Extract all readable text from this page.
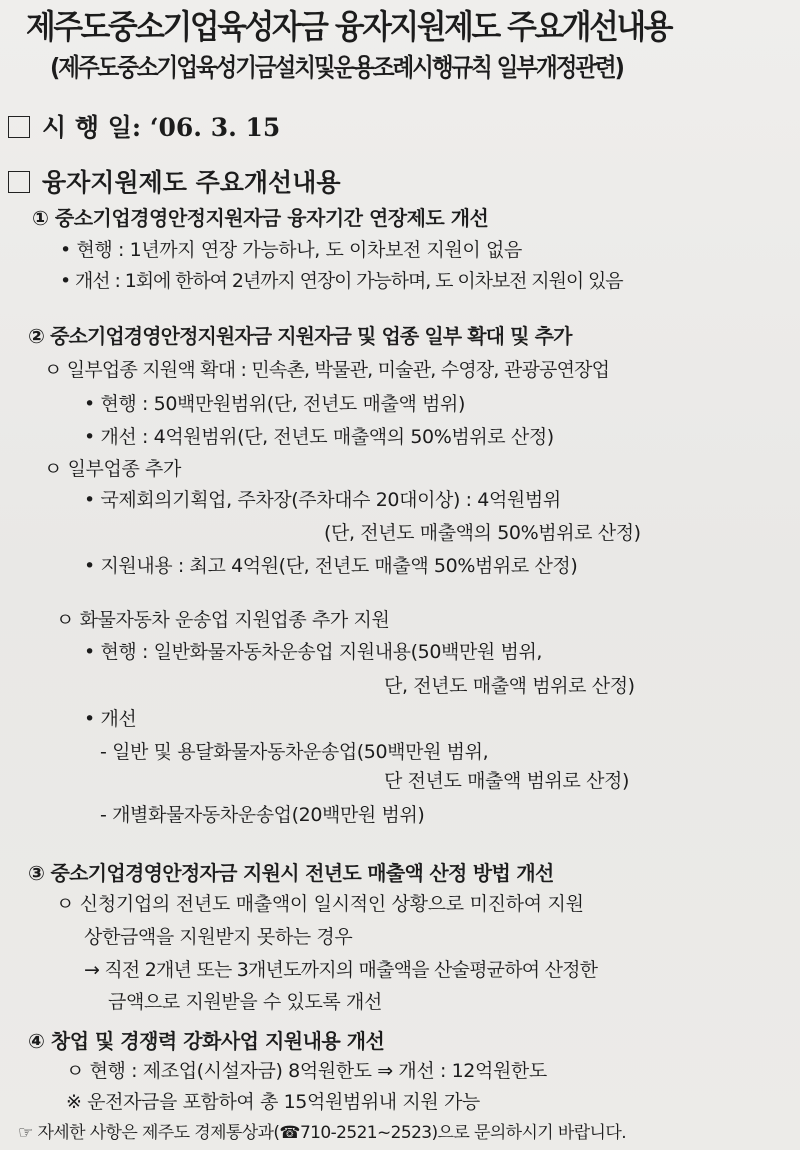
제주도중소기업육성자금 융자지원제도 주요개선내용
(제주도중소기업육성기금설치및운용조례시행규칙 일부개정관련)
시 행 일: ‘06. 3. 15
융자지원제도 주요개선내용
① 중소기업경영안정지원자금 융자기간 연장제도 개선
• 현행 : 1년까지 연장 가능하나, 도 이차보전 지원이 없음
• 개선 : 1회에 한하여 2년까지 연장이 가능하며, 도 이차보전 지원이 있음
② 중소기업경영안정지원자금 지원자금 및 업종 일부 확대 및 추가
ㅇ 일부업종 지원액 확대 : 민속촌, 박물관, 미술관, 수영장, 관광공연장업
• 현행 : 50백만원범위(단, 전년도 매출액 범위)
• 개선 : 4억원범위(단, 전년도 매출액의 50%범위로 산정)
ㅇ 일부업종 추가
• 국제회의기획업, 주차장(주차대수 20대이상) : 4억원범위
(단, 전년도 매출액의 50%범위로 산정)
• 지원내용 : 최고 4억원(단, 전년도 매출액 50%범위로 산정)
ㅇ 화물자동차 운송업 지원업종 추가 지원
• 현행 : 일반화물자동차운송업 지원내용(50백만원 범위,
단, 전년도 매출액 범위로 산정)
• 개선
- 일반 및 용달화물자동차운송업(50백만원 범위,
단 전년도 매출액 범위로 산정)
- 개별화물자동차운송업(20백만원 범위)
③ 중소기업경영안정자금 지원시 전년도 매출액 산정 방법 개선
ㅇ 신청기업의 전년도 매출액이 일시적인 상황으로 미진하여 지원
상한금액을 지원받지 못하는 경우
→ 직전 2개년 또는 3개년도까지의 매출액을 산술평균하여 산정한
금액으로 지원받을 수 있도록 개선
④ 창업 및 경쟁력 강화사업 지원내용 개선
ㅇ 현행 : 제조업(시설자금) 8억원한도 ⇒ 개선 : 12억원한도
※ 운전자금을 포함하여 총 15억원범위내 지원 가능
☞ 자세한 사항은 제주도 경제통상과(☎710-2521~2523)으로 문의하시기 바랍니다.
